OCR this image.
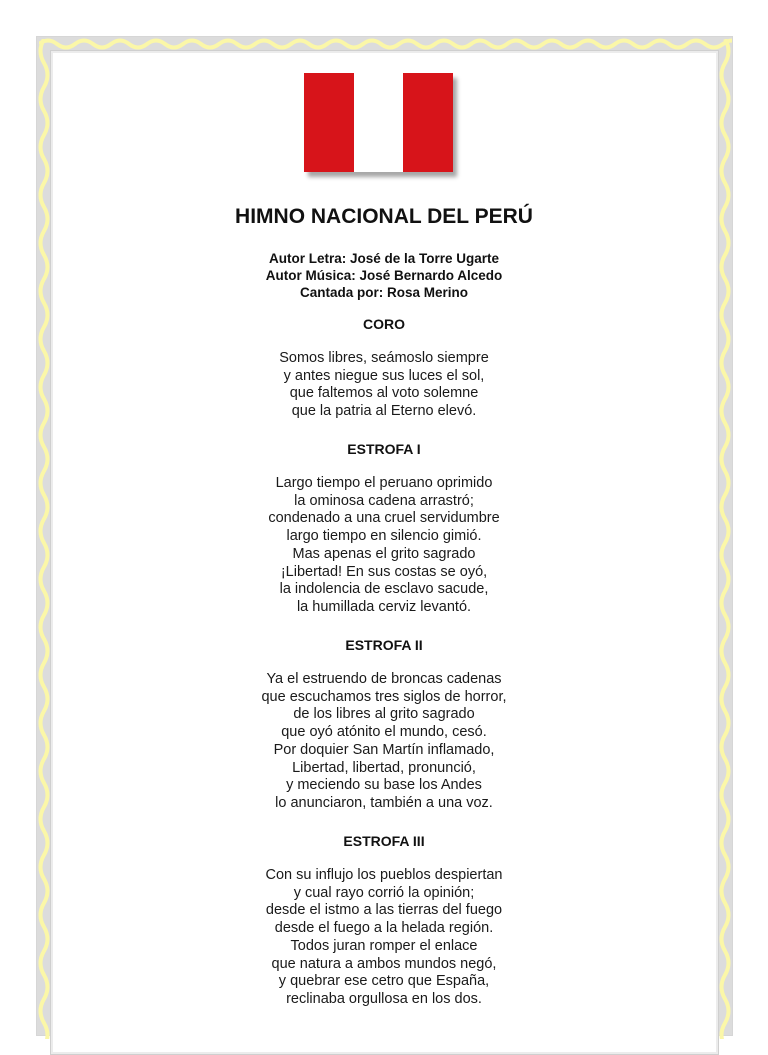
HIMNO NACIONAL DEL PERÚ
Autor Letra: José de la Torre Ugarte
Autor Música: José Bernardo Alcedo
Cantada por: Rosa Merino
CORO
Somos libres, seámoslo siempre
y antes niegue sus luces el sol,
que faltemos al voto solemne
que la patria al Eterno elevó.
ESTROFA I
Largo tiempo el peruano oprimido
la ominosa cadena arrastró;
condenado a una cruel servidumbre
largo tiempo en silencio gimió.
Mas apenas el grito sagrado
¡Libertad! En sus costas se oyó,
la indolencia de esclavo sacude,
la humillada cerviz levantó.
ESTROFA II
Ya el estruendo de broncas cadenas
que escuchamos tres siglos de horror,
de los libres al grito sagrado
que oyó atónito el mundo, cesó.
Por doquier San Martín inflamado,
Libertad, libertad, pronunció,
y meciendo su base los Andes
lo anunciaron, también a una voz.
ESTROFA III
Con su influjo los pueblos despiertan
y cual rayo corrió la opinión;
desde el istmo a las tierras del fuego
desde el fuego a la helada región.
Todos juran romper el enlace
que natura a ambos mundos negó,
y quebrar ese cetro que España,
reclinaba orgullosa en los dos.
